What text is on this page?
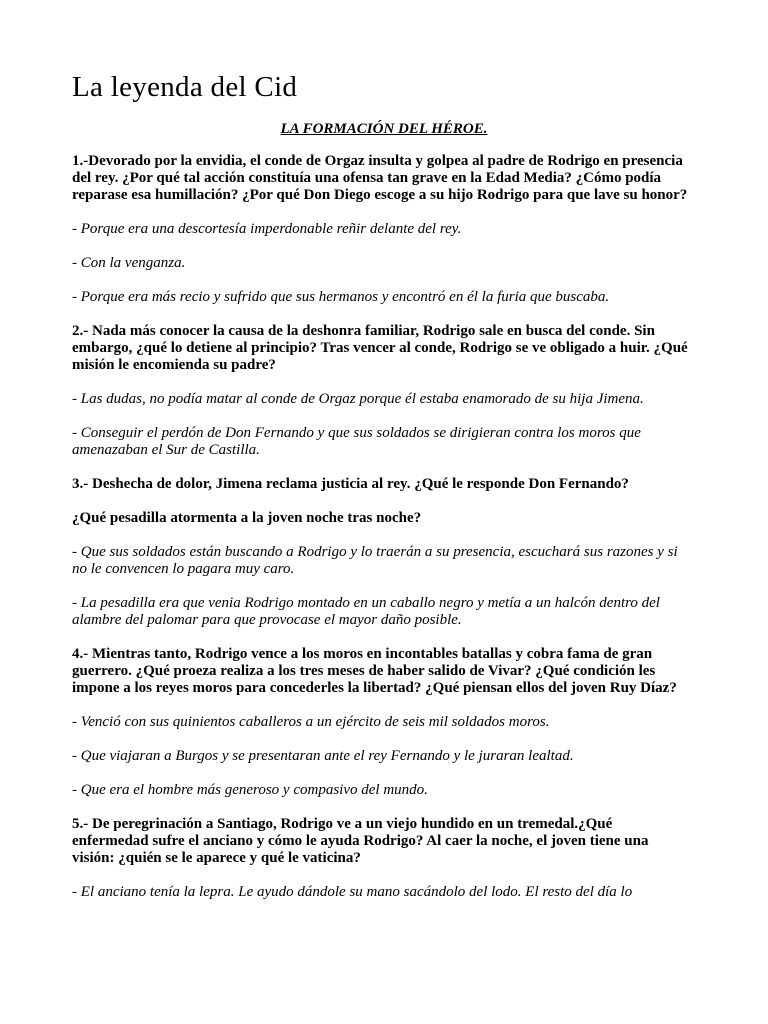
La leyenda del Cid
LA FORMACIÓN DEL HÉROE.

1.-Devorado por la envidia, el conde de Orgaz insulta y golpea al padre de Rodrigo en presencia del rey. ¿Por qué tal acción constituía una ofensa tan grave en la Edad Media? ¿Cómo podía reparase esa humillación? ¿Por qué Don Diego escoge a su hijo Rodrigo para que lave su honor?

- Porque era una descortesía imperdonable reñir delante del rey.

- Con la venganza.

- Porque era más recio y sufrido que sus hermanos y encontró en él la furia que buscaba.

2.- Nada más conocer la causa de la deshonra familiar, Rodrigo sale en busca del conde. Sin embargo, ¿qué lo detiene al principio? Tras vencer al conde, Rodrigo se ve obligado a huir. ¿Qué misión le encomienda su padre?

- Las dudas, no podía matar al conde de Orgaz porque él estaba enamorado de su hija Jimena.

- Conseguir el perdón de Don Fernando y que sus soldados se dirigieran contra los moros que amenazaban el Sur de Castilla.

3.- Deshecha de dolor, Jimena reclama justicia al rey. ¿Qué le responde Don Fernando?

¿Qué pesadilla atormenta a la joven noche tras noche?

- Que sus soldados están buscando a Rodrigo y lo traerán a su presencia, escuchará sus razones y si no le convencen lo pagara muy caro.

- La pesadilla era que venia Rodrigo montado en un caballo negro y metía a un halcón dentro del alambre del palomar para que provocase el mayor daño posible.

4.- Mientras tanto, Rodrigo vence a los moros en incontables batallas y cobra fama de gran guerrero. ¿Qué proeza realiza a los tres meses de haber salido de Vivar? ¿Qué condición les impone a los reyes moros para concederles la libertad? ¿Qué piensan ellos del joven Ruy Díaz?

- Venció con sus quinientos caballeros a un ejército de seis mil soldados moros.

- Que viajaran a Burgos y se presentaran ante el rey Fernando y le juraran lealtad.

- Que era el hombre más generoso y compasivo del mundo.

5.- De peregrinación a Santiago, Rodrigo ve a un viejo hundido en un tremedal.¿Qué enfermedad sufre el anciano y cómo le ayuda Rodrigo? Al caer la noche, el joven tiene una visión: ¿quién se le aparece y qué le vaticina?

- El anciano tenía la lepra. Le ayudo dándole su mano sacándolo del lodo. El resto del día lo
